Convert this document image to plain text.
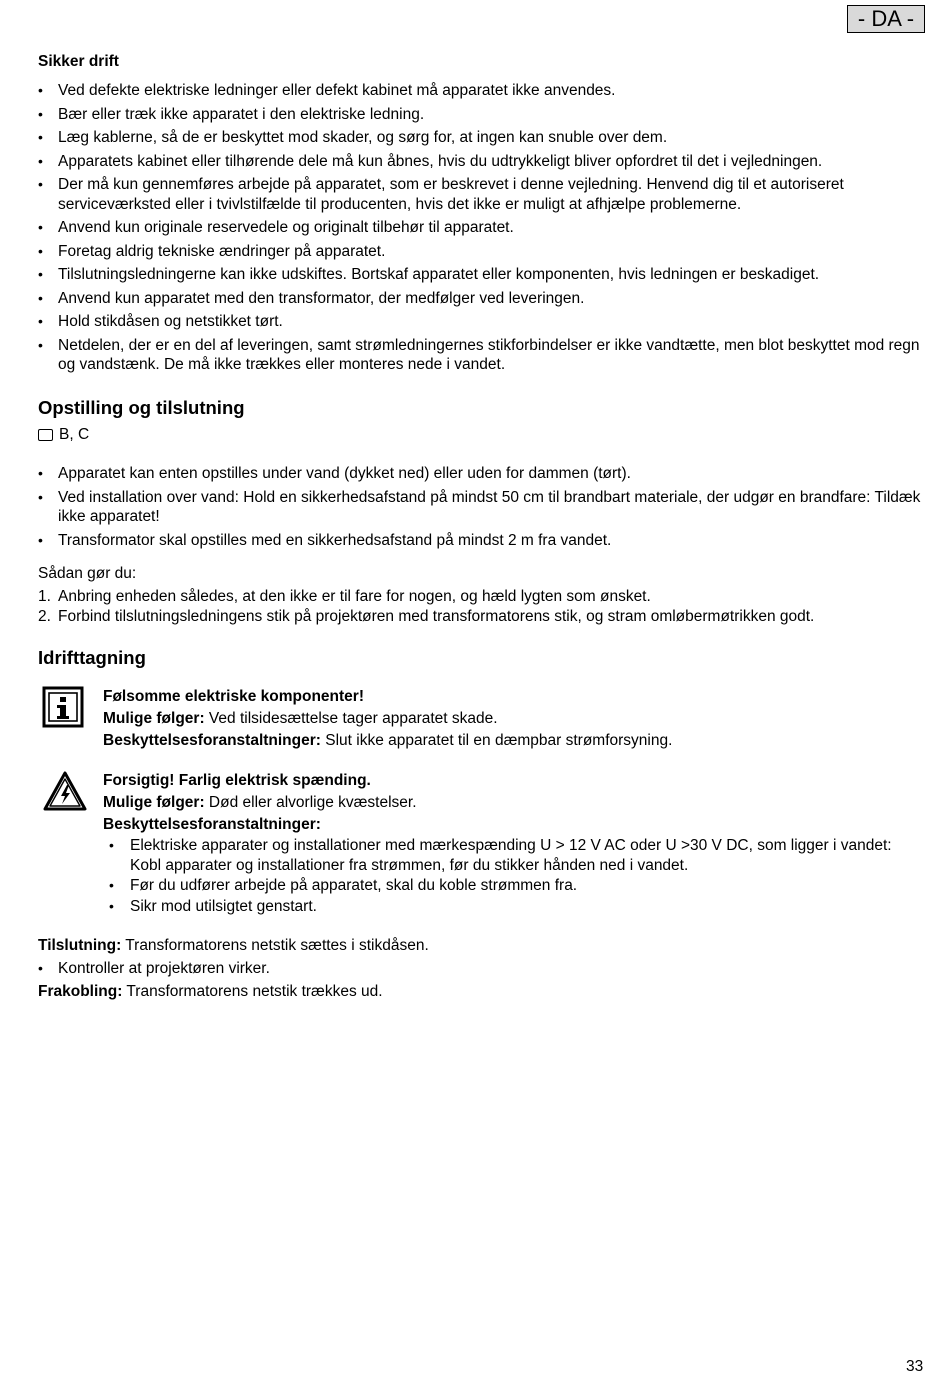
- DA -
Sikker drift
• Ved defekte elektriske ledninger eller defekt kabinet må apparatet ikke anvendes.
• Bær eller træk ikke apparatet i den elektriske ledning.
• Læg kablerne, så de er beskyttet mod skader, og sørg for, at ingen kan snuble over dem.
• Apparatets kabinet eller tilhørende dele må kun åbnes, hvis du udtrykkeligt bliver opfordret til det i vejledningen.
• Der må kun gennemføres arbejde på apparatet, som er beskrevet i denne vejledning. Henvend dig til et autoriseret serviceværksted eller i tvivlstilfælde til producenten, hvis det ikke er muligt at afhjælpe problemerne.
• Anvend kun originale reservedele og originalt tilbehør til apparatet.
• Foretag aldrig tekniske ændringer på apparatet.
• Tilslutningsledningerne kan ikke udskiftes. Bortskaf apparatet eller komponenten, hvis ledningen er beskadiget.
• Anvend kun apparatet med den transformator, der medfølger ved leveringen.
• Hold stikdåsen og netstikket tørt.
• Netdelen, der er en del af leveringen, samt strømledningernes stikforbindelser er ikke vandtætte, men blot beskyttet mod regn og vandstænk. De må ikke trækkes eller monteres nede i vandet.
Opstilling og tilslutning
B, C
• Apparatet kan enten opstilles under vand (dykket ned) eller uden for dammen (tørt).
• Ved installation over vand: Hold en sikkerhedsafstand på mindst 50 cm til brandbart materiale, der udgør en brandfare: Tildæk ikke apparatet!
• Transformator skal opstilles med en sikkerhedsafstand på mindst 2 m fra vandet.
Sådan gør du:
1. Anbring enheden således, at den ikke er til fare for nogen, og hæld lygten som ønsket.
2. Forbind tilslutningsledningens stik på projektøren med transformatorens stik, og stram omløbermøtrikken godt.
Idrifttagning
Følsomme elektriske komponenter!
Mulige følger: Ved tilsidesættelse tager apparatet skade.
Beskyttelsesforanstaltninger: Slut ikke apparatet til en dæmpbar strømforsyning.
Forsigtig! Farlig elektrisk spænding.
Mulige følger: Død eller alvorlige kvæstelser.
Beskyttelsesforanstaltninger:
• Elektriske apparater og installationer med mærkespænding U > 12 V AC oder U >30 V DC, som ligger i vandet: Kobl apparater og installationer fra strømmen, før du stikker hånden ned i vandet.
• Før du udfører arbejde på apparatet, skal du koble strømmen fra.
• Sikr mod utilsigtet genstart.
Tilslutning: Transformatorens netstik sættes i stikdåsen.
• Kontroller at projektøren virker.
Frakobling: Transformatorens netstik trækkes ud.
33
